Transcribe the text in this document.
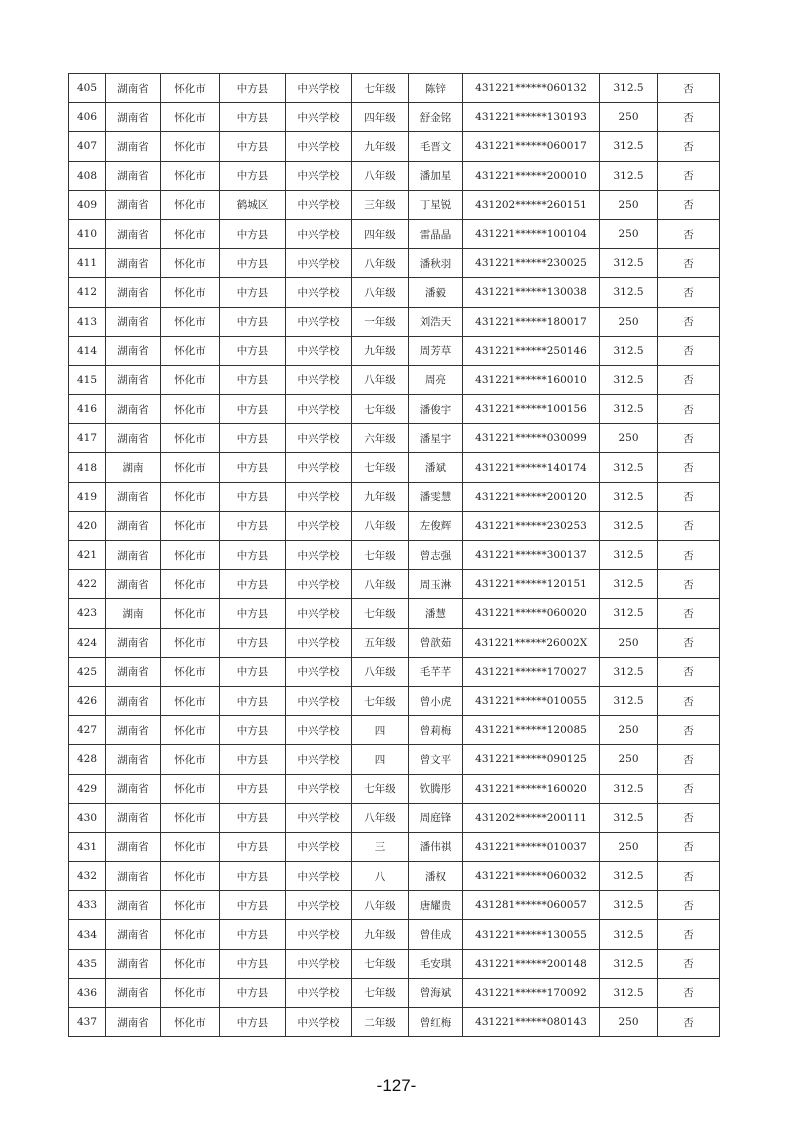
405	湖南省	怀化市	中方县	中兴学校	七年级	陈锌	431221******060132	312.5	否
406	湖南省	怀化市	中方县	中兴学校	四年级	舒金铭	431221******130193	250	否
407	湖南省	怀化市	中方县	中兴学校	九年级	毛晋文	431221******060017	312.5	否
408	湖南省	怀化市	中方县	中兴学校	八年级	潘加星	431221******200010	312.5	否
409	湖南省	怀化市	鹤城区	中兴学校	三年级	丁星锐	431202******260151	250	否
410	湖南省	怀化市	中方县	中兴学校	四年级	雷晶晶	431221******100104	250	否
411	湖南省	怀化市	中方县	中兴学校	八年级	潘秋羽	431221******230025	312.5	否
412	湖南省	怀化市	中方县	中兴学校	八年级	潘毅	431221******130038	312.5	否
413	湖南省	怀化市	中方县	中兴学校	一年级	刘浩天	431221******180017	250	否
414	湖南省	怀化市	中方县	中兴学校	九年级	周芳草	431221******250146	312.5	否
415	湖南省	怀化市	中方县	中兴学校	八年级	周亮	431221******160010	312.5	否
416	湖南省	怀化市	中方县	中兴学校	七年级	潘俊宇	431221******100156	312.5	否
417	湖南省	怀化市	中方县	中兴学校	六年级	潘星宇	431221******030099	250	否
418	湖南	怀化市	中方县	中兴学校	七年级	潘斌	431221******140174	312.5	否
419	湖南省	怀化市	中方县	中兴学校	九年级	潘雯慧	431221******200120	312.5	否
420	湖南省	怀化市	中方县	中兴学校	八年级	左俊辉	431221******230253	312.5	否
421	湖南省	怀化市	中方县	中兴学校	七年级	曾志强	431221******300137	312.5	否
422	湖南省	怀化市	中方县	中兴学校	八年级	周玉淋	431221******120151	312.5	否
423	湖南	怀化市	中方县	中兴学校	七年级	潘慧	431221******060020	312.5	否
424	湖南省	怀化市	中方县	中兴学校	五年级	曾歆茹	431221******26002X	250	否
425	湖南省	怀化市	中方县	中兴学校	八年级	毛芊芊	431221******170027	312.5	否
426	湖南省	怀化市	中方县	中兴学校	七年级	曾小虎	431221******010055	312.5	否
427	湖南省	怀化市	中方县	中兴学校	四	曾莉梅	431221******120085	250	否
428	湖南省	怀化市	中方县	中兴学校	四	曾文平	431221******090125	250	否
429	湖南省	怀化市	中方县	中兴学校	七年级	钦腾彤	431221******160020	312.5	否
430	湖南省	怀化市	中方县	中兴学校	八年级	周庭锋	431202******200111	312.5	否
431	湖南省	怀化市	中方县	中兴学校	三	潘伟祺	431221******010037	250	否
432	湖南省	怀化市	中方县	中兴学校	八	潘权	431221******060032	312.5	否
433	湖南省	怀化市	中方县	中兴学校	八年级	唐耀贵	431281******060057	312.5	否
434	湖南省	怀化市	中方县	中兴学校	九年级	曾佳成	431221******130055	312.5	否
435	湖南省	怀化市	中方县	中兴学校	七年级	毛安琪	431221******200148	312.5	否
436	湖南省	怀化市	中方县	中兴学校	七年级	曾海斌	431221******170092	312.5	否
437	湖南省	怀化市	中方县	中兴学校	二年级	曾红梅	431221******080143	250	否
-127-
